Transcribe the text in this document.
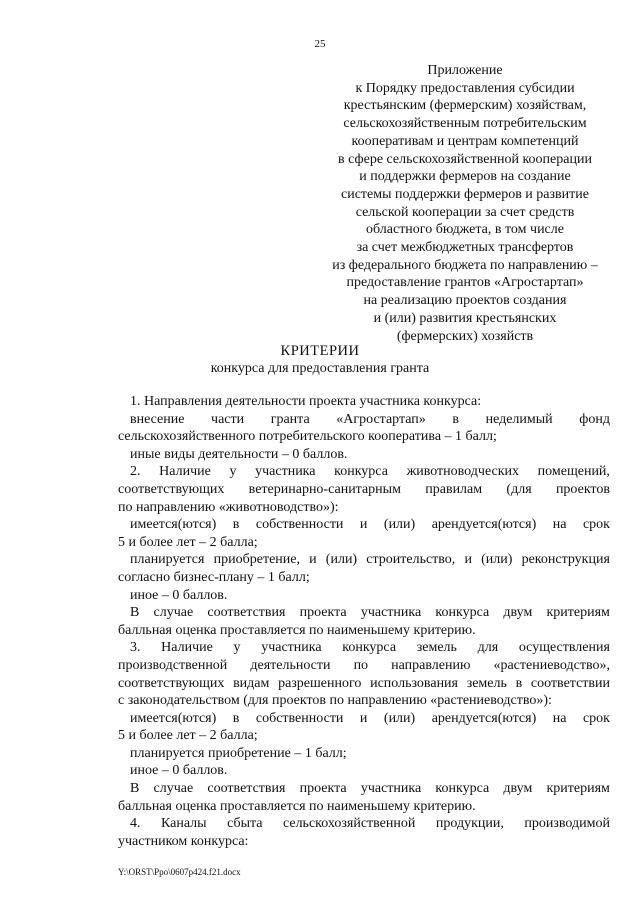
25
Приложение
к Порядку предоставления субсидии
крестьянским (фермерским) хозяйствам,
сельскохозяйственным потребительским
кооперативам и центрам компетенций
в сфере сельскохозяйственной кооперации
и поддержки фермеров на создание
системы поддержки фермеров и развитие
сельской кооперации за счет средств
областного бюджета, в том числе
за счет межбюджетных трансфертов
из федерального бюджета по направлению –
предоставление грантов «Агростартап»
на реализацию проектов создания
и (или) развития крестьянских
(фермерских) хозяйств
КРИТЕРИИ
конкурса для предоставления гранта
1. Направления деятельности проекта участника конкурса:
внесение части гранта «Агростартап» в неделимый фонд
сельскохозяйственного потребительского кооператива – 1 балл;
иные виды деятельности – 0 баллов.
2. Наличие у участника конкурса животноводческих помещений,
соответствующих ветеринарно-санитарным правилам (для проектов
по направлению «животноводство»):
имеется(ются) в собственности и (или) арендуется(ются) на срок
5 и более лет – 2 балла;
планируется приобретение, и (или) строительство, и (или) реконструкция
согласно бизнес-плану – 1 балл;
иное – 0 баллов.
В случае соответствия проекта участника конкурса двум критериям
балльная оценка проставляется по наименьшему критерию.
3. Наличие у участника конкурса земель для осуществления
производственной деятельности по направлению «растениеводство»,
соответствующих видам разрешенного использования земель в соответствии
с законодательством (для проектов по направлению «растениеводство»):
имеется(ются) в собственности и (или) арендуется(ются) на срок
5 и более лет – 2 балла;
планируется приобретение – 1 балл;
иное – 0 баллов.
В случае соответствия проекта участника конкурса двум критериям
балльная оценка проставляется по наименьшему критерию.
4. Каналы сбыта сельскохозяйственной продукции, производимой
участником конкурса:
Y:\ORST\Ppo\0607p424.f21.docx
